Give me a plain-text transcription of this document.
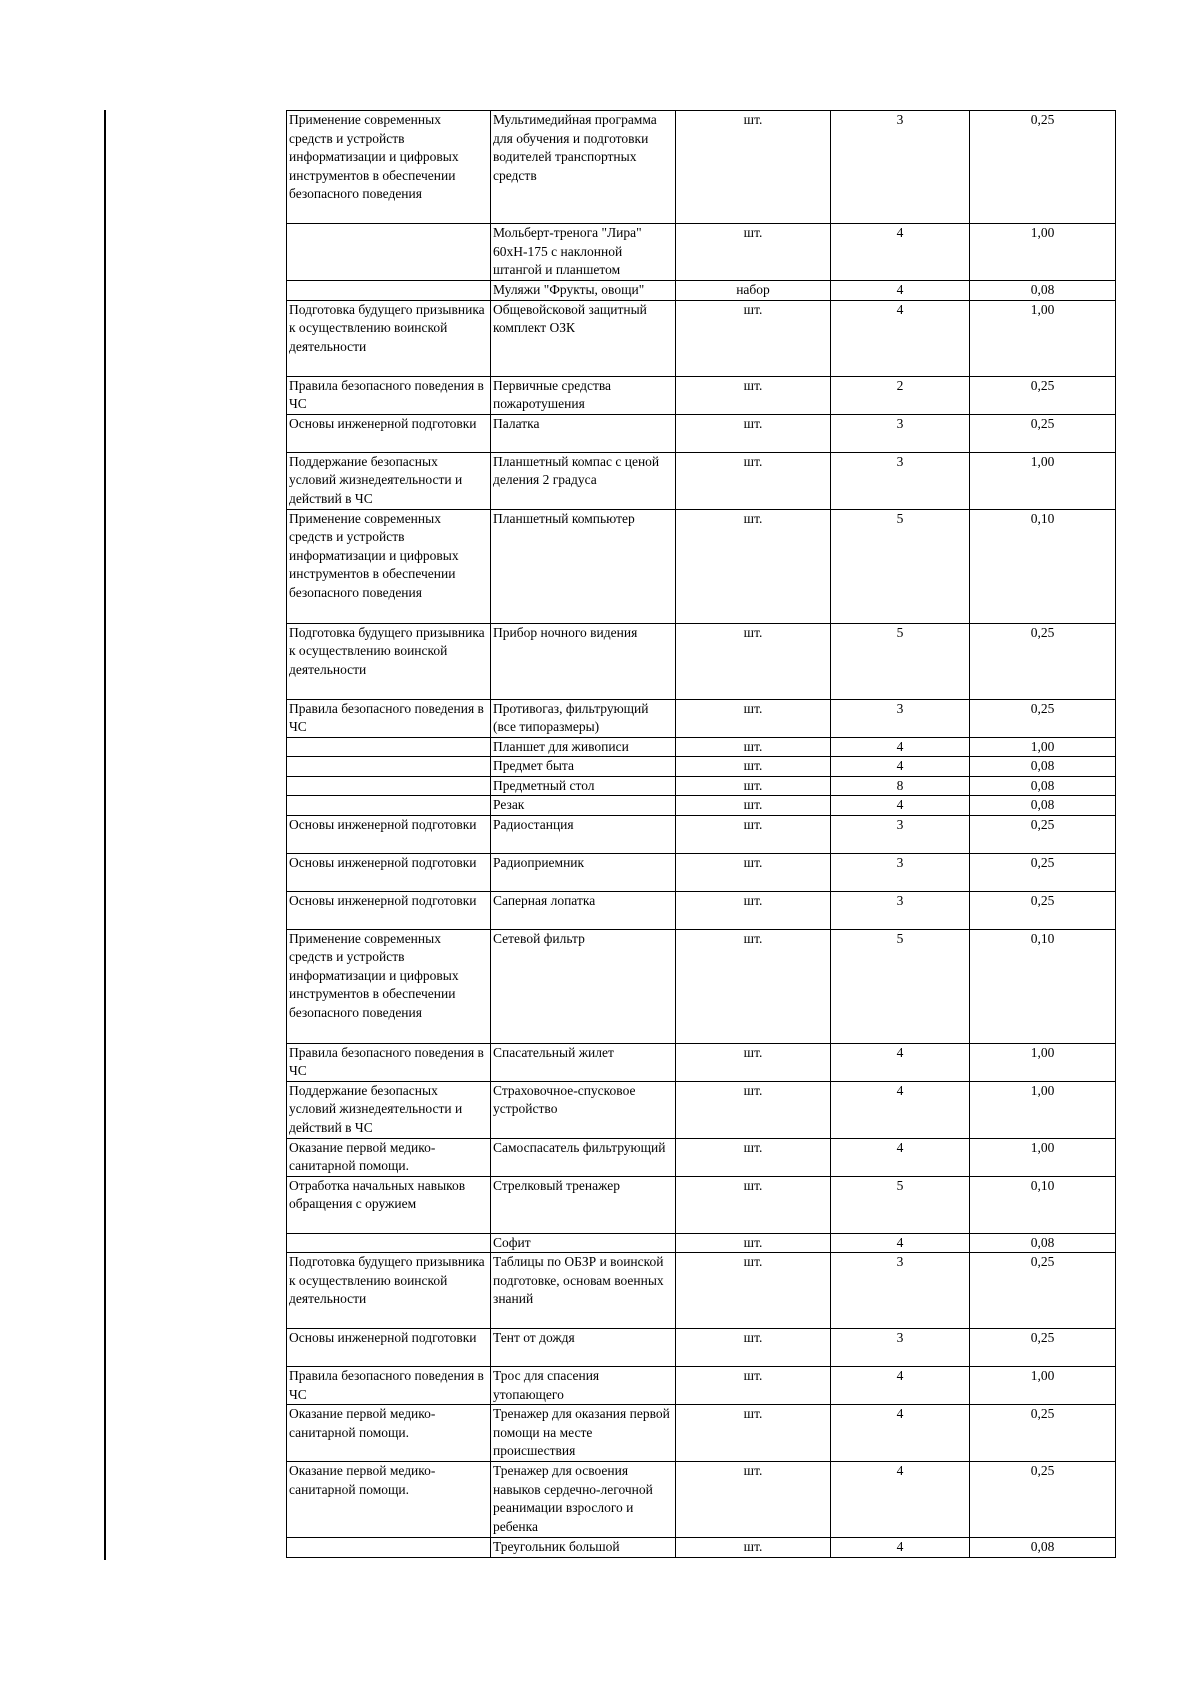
Применение современных средств и устройств информатизации и цифровых инструментов в обеспечении безопасного поведения	Мультимедийная программа для обучения и подготовки водителей транспортных средств	шт.	3	0,25
	Мольберт-тренога "Лира" 60хН-175 с наклонной штангой и планшетом	шт.	4	1,00
	Муляжи "Фрукты, овощи"	набор	4	0,08
Подготовка будущего призывника к осуществлению воинской деятельности	Общевойсковой защитный комплект ОЗК	шт.	4	1,00
Правила безопасного поведения в ЧС	Первичные средства пожаротушения	шт.	2	0,25
Основы инженерной подготовки	Палатка	шт.	3	0,25
Поддержание безопасных условий жизнедеятельности и действий в ЧС	Планшетный компас с ценой деления 2 градуса	шт.	3	1,00
Применение современных средств и устройств информатизации и цифровых инструментов в обеспечении безопасного поведения	Планшетный компьютер	шт.	5	0,10
Подготовка будущего призывника к осуществлению воинской деятельности	Прибор ночного видения	шт.	5	0,25
Правила безопасного поведения в ЧС	Противогаз, фильтрующий (все типоразмеры)	шт.	3	0,25
	Планшет для живописи	шт.	4	1,00
	Предмет быта	шт.	4	0,08
	Предметный стол	шт.	8	0,08
	Резак	шт.	4	0,08
Основы инженерной подготовки	Радиостанция	шт.	3	0,25
Основы инженерной подготовки	Радиоприемник	шт.	3	0,25
Основы инженерной подготовки	Саперная лопатка	шт.	3	0,25
Применение современных средств и устройств информатизации и цифровых инструментов в обеспечении безопасного поведения	Сетевой фильтр	шт.	5	0,10
Правила безопасного поведения в ЧС	Спасательный жилет	шт.	4	1,00
Поддержание безопасных условий жизнедеятельности и действий в ЧС	Страховочное-спусковое устройство	шт.	4	1,00
Оказание первой медико-санитарной помощи.	Самоспасатель фильтрующий	шт.	4	1,00
Отработка начальных навыков обращения с оружием	Стрелковый тренажер	шт.	5	0,10
	Софит	шт.	4	0,08
Подготовка будущего призывника к осуществлению воинской деятельности	Таблицы по ОБЗР и воинской подготовке, основам военных знаний	шт.	3	0,25
Основы инженерной подготовки	Тент от дождя	шт.	3	0,25
Правила безопасного поведения в ЧС	Трос для спасения утопающего	шт.	4	1,00
Оказание первой медико-санитарной помощи.	Тренажер для оказания первой помощи на месте происшествия	шт.	4	0,25
Оказание первой медико-санитарной помощи.	Тренажер для освоения навыков сердечно-легочной реанимации взрослого и ребенка	шт.	4	0,25
	Треугольник большой	шт.	4	0,08
